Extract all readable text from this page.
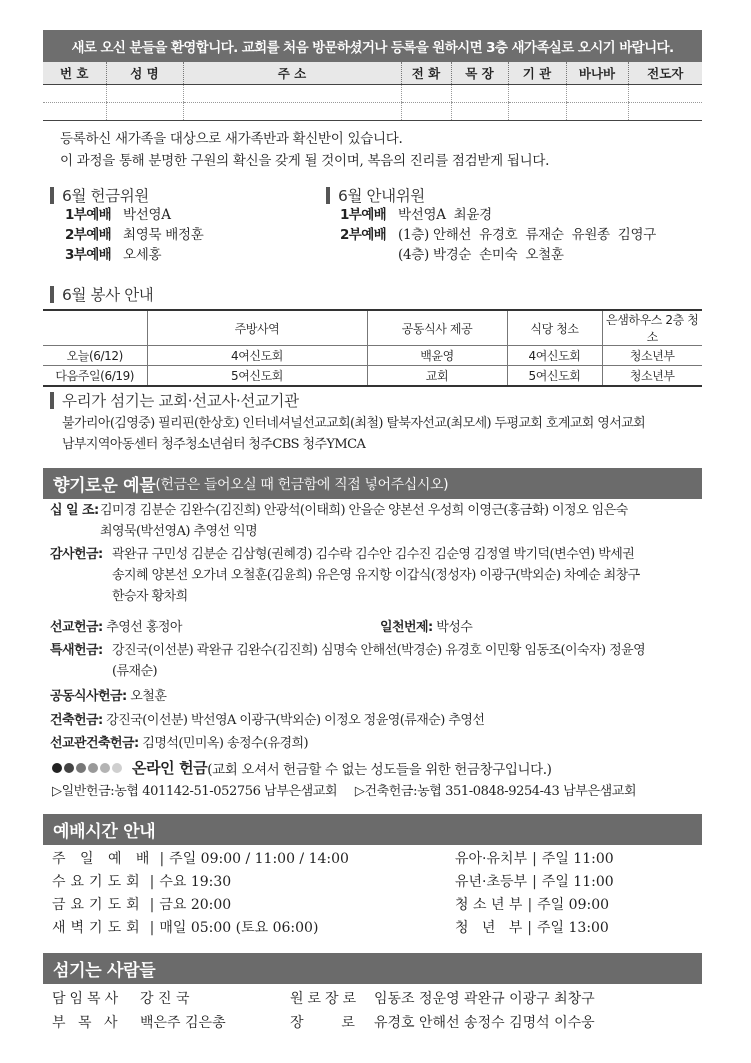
새로 오신 분들을 환영합니다. 교회를 처음 방문하셨거나 등록을 원하시면 3층 새가족실로 오시기 바랍니다.
번 호	성 명	주 소	전 화	목 장	기 관	바나바	전도자

등록하신 새가족을 대상으로 새가족반과 확신반이 있습니다.
이 과정을 통해 분명한 구원의 확신을 갖게 될 것이며, 복음의 진리를 점검받게 됩니다.
6월 헌금위원
1부예배 박선영A
2부예배 최영묵 배정훈
3부예배 오세홍
6월 안내위원
1부예배 박선영A  최윤경
2부예배 (1층) 안해선  유경호  류재순  유원종  김영구
(4층) 박경순  손미숙  오철훈
6월 봉사 안내
	주방사역	공동식사 제공	식당 청소	은샘하우스 2층 청소
오늘(6/12)	4여신도회	백윤영	4여신도회	청소년부
다음주일(6/19)	5여신도회	교회	5여신도회	청소년부
우리가 섬기는 교회·선교사·선교기관
불가리아(김영중) 필리핀(한상호) 인터네셔널선교교회(최철) 탈북자선교(최모세) 두평교회 호계교회 영서교회
남부지역아동센터 청주청소년쉼터 청주CBS 청주YMCA
향기로운 예물 (헌금은 들어오실 때 헌금함에 직접 넣어주십시오)
십 일 조: 김미경 김분순 김완수(김진희) 안광석(이태희) 안을순 양본선 우성희 이영근(홍금화) 이정오 임은숙
최영묵(박선영A) 추영선 익명
감사헌금: 곽완규 구민성 김분순 김삼형(권혜경) 김수락 김수안 김수진 김순영 김정열 박기덕(변수연) 박세권
송지혜 양본선 오가녀 오철훈(김윤희) 유은영 유지항 이갑식(정성자) 이광구(박외순) 차예순 최창구
한승자 황차희
선교헌금: 추영선 홍정아	일천번제: 박성수
특새헌금: 강진국(이선분) 곽완규 김완수(김진희) 심명숙 안해선(박경순) 유경호 이민황 임동조(이숙자) 정윤영
(류재순)
공동식사헌금: 오철훈
건축헌금: 강진국(이선분) 박선영A 이광구(박외순) 이정오 정윤영(류재순) 추영선
선교관건축헌금: 김명석(민미옥) 송정수(유경희)
온라인 헌금 (교회 오셔서 헌금할 수 없는 성도들을 위한 헌금창구입니다.)
▷일반헌금:농협 401142-51-052756 남부은샘교회 ▷건축헌금:농협 351-0848-9254-43 남부은샘교회
예배시간 안내
주 일 예 배 | 주일 09:00 / 11:00 / 14:00
수요기도회 | 수요 19:30
금요기도회 | 금요 20:00
새벽기도회 | 매일 05:00 (토요 06:00)
유아·유치부 | 주일 11:00
유년·초등부 | 주일 11:00
청 소 년 부 | 주일 09:00
청   년   부 | 주일 13:00
섬기는 사람들
담임목사	강 진 국	원로장로 임동조 정운영 곽완규 이광구 최창구
부 목 사	백은주 김은총	장    로	유경호 안해선 송정수 김명석 이수웅
